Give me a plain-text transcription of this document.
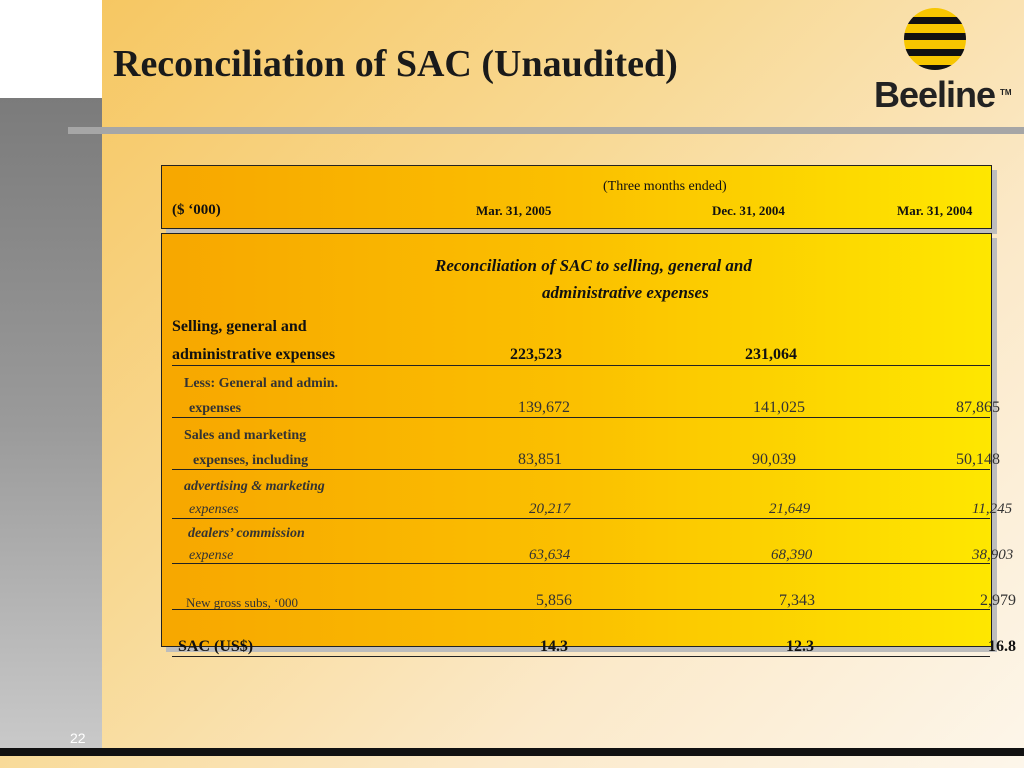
Reconciliation of SAC (Unaudited)
Beeline TM
(Three months ended)
($ ‘000)	Mar. 31, 2005	Dec. 31, 2004	Mar. 31, 2004
Reconciliation of SAC to selling, general and
administrative expenses
Selling, general and
administrative expenses	223,523	231,064
Less: General and admin.
expenses	139,672	141,025	87,865
Sales and marketing
expenses, including	83,851	90,039	50,148
advertising & marketing
expenses	20,217	21,649	11,245
dealers’ commission
expense	63,634	68,390	38,903
New gross subs, ‘000	5,856	7,343	2,979
SAC (US$)	14.3	12.3	16.8
22
